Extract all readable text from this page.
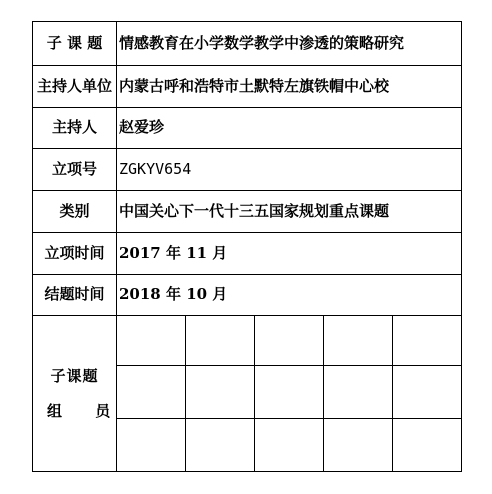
子 课 题	情感教育在小学数学教学中渗透的策略研究				
主持人单位	内蒙古呼和浩特市土默特左旗铁帽中心校				
主持人	赵爱珍				
立项号	ZGKYV654				
类别	中国关心下一代十三五国家规划重点课题				
立项时间	2017 年 11 月				
结题时间	2018 年 10 月				

子课题
组 员					
